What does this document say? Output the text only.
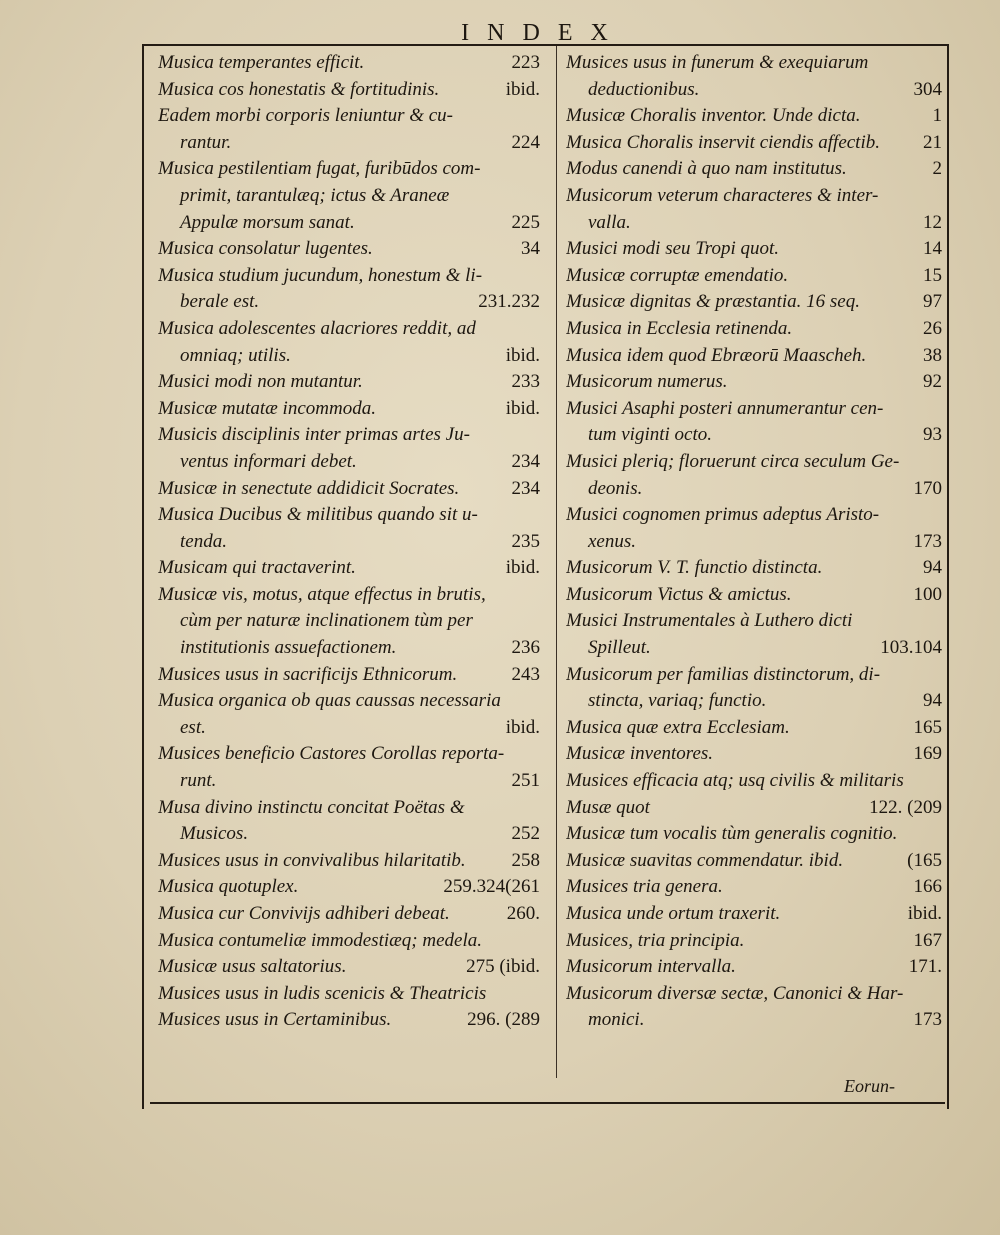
INDEX
Musica temperantes efficit.	223
Musica cos honestatis & fortitudinis.	ibid.
Eadem morbi corporis leniuntur & cu-
rantur.	224
Musica pestilentiam fugat, furibūdos com-
primit, tarantulæq; ictus & Araneæ
Appulæ morsum sanat.	225
Musica consolatur lugentes.	34
Musica studium jucundum, honestum & li-
berale est.	231.232
Musica adolescentes alacriores reddit, ad
omniaq; utilis.	ibid.
Musici modi non mutantur.	233
Musicæ mutatæ incommoda.	ibid.
Musicis disciplinis inter primas artes Ju-
ventus informari debet.	234
Musicæ in senectute addidicit Socrates.	234
Musica Ducibus & militibus quando sit u-
tenda.	235
Musicam qui tractaverint.	ibid.
Musicæ vis, motus, atque effectus in brutis,
cùm per naturæ inclinationem tùm per
institutionis assuefactionem.	236
Musices usus in sacrificijs Ethnicorum.	243
Musica organica ob quas caussas necessaria
est.	ibid.
Musices beneficio Castores Corollas reporta-
runt.	251
Musa divino instinctu concitat Poëtas &
Musicos.	252
Musices usus in convivalibus hilaritatib. 258
Musica quotuplex.	259.324(261
Musica cur Convivijs adhiberi debeat.	260.
Musica contumeliæ immodestiæq; medela.
Musicæ usus saltatorius.	275 (ibid.
Musices usus in ludis scenicis & Theatricis
Musices usus in Certaminibus.	296. (289
Musices usus in funerum & exequiarum
deductionibus.	304
Musicæ Choralis inventor. Unde dicta.	1
Musica Choralis inservit ciendis affectib. 21
Modus canendi à quo nam institutus.	2
Musicorum veterum characteres & inter-
valla.	12
Musici modi seu Tropi quot.	14
Musicæ corruptæ emendatio.	15
Musicæ dignitas & præstantia. 16 seq.	97
Musica in Ecclesia retinenda.	26
Musica idem quod Ebræorū Maascheh.	38
Musicorum numerus.	92
Musici Asaphi posteri annumerantur cen-
tum viginti octo.	93
Musici pleriq; floruerunt circa seculum Ge-
deonis.	170
Musici cognomen primus adeptus Aristo-
xenus.	173
Musicorum V. T. functio distincta.	94
Musicorum Victus & amictus.	100
Musici Instrumentales à Luthero dicti
Spilleut.	103.104
Musicorum per familias distinctorum, di-
stincta, variaq; functio.	94
Musica quæ extra Ecclesiam.	165
Musicæ inventores.	169
Musices efficacia atq; usq civilis & militaris
Musæ quot	122. (209
Musicæ tum vocalis tùm generalis cognitio.
Musicæ suavitas commendatur. ibid.	(165
Musices tria genera.	166
Musica unde ortum traxerit.	ibid.
Musices, tria principia.	167
Musicorum intervalla.	171.
Musicorum diversæ sectæ, Canonici & Har-
monici.	173
Eorun-
